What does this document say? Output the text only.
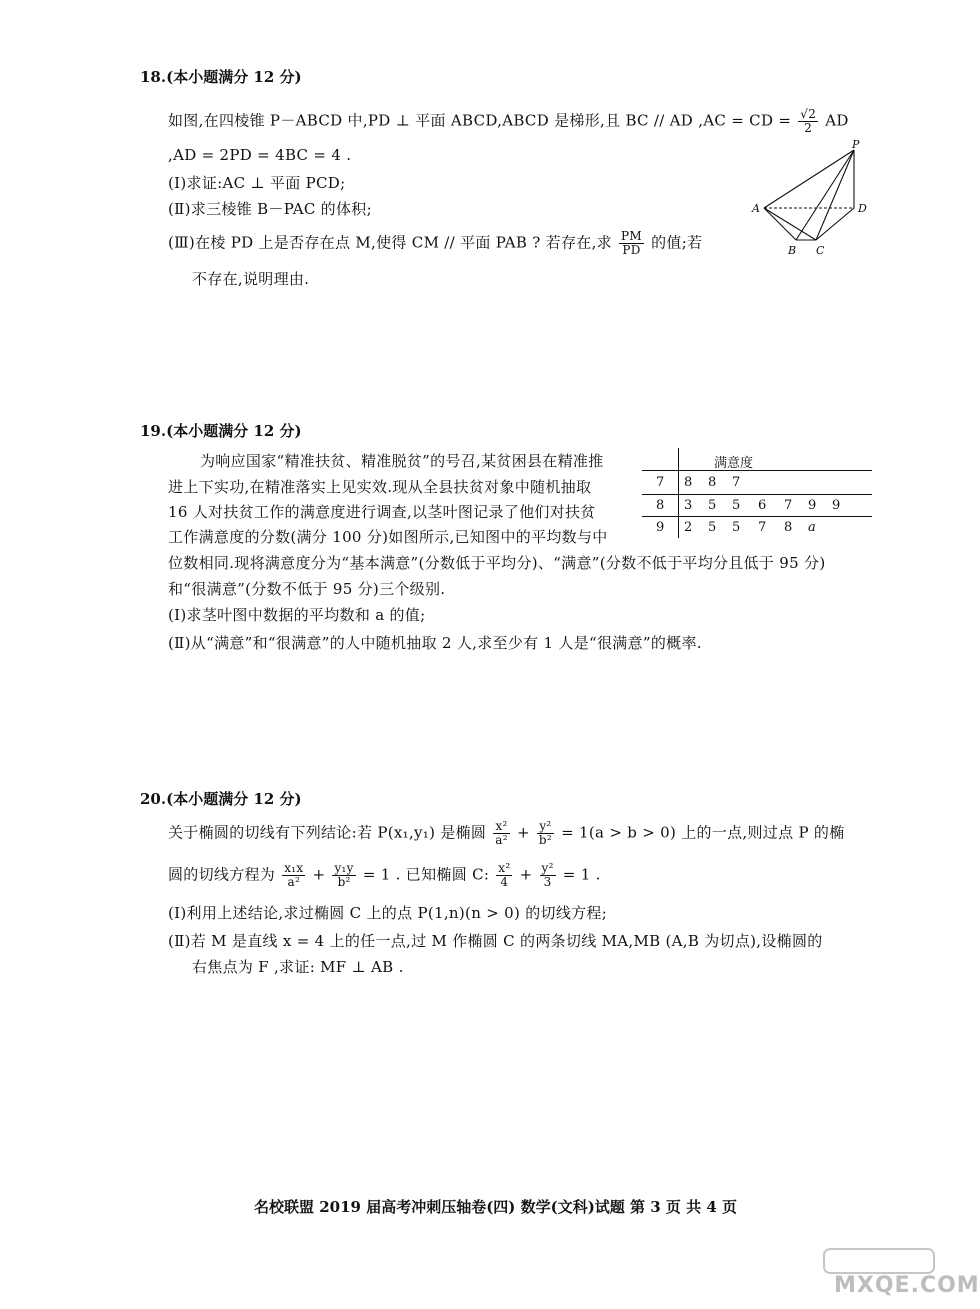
18.(本小题满分 12 分)
如图,在四棱锥 P－ABCD 中,PD ⊥ 平面 ABCD,ABCD 是梯形,且 BC // AD ,AC = CD = $\frac{√2}{2}$ AD
,AD = 2PD = 4BC = 4 .
(Ⅰ)求证:AC ⊥ 平面 PCD;
(Ⅱ)求三棱锥 B－PAC 的体积;
(Ⅲ)在棱 PD 上是否存在点 M,使得 CM // 平面 PAB ? 若存在,求 $\frac{PM}{PD}$ 的值;若
不存在,说明理由.
P
A	D
B C
19.(本小题满分 12 分)
为响应国家“精准扶贫、精准脱贫”的号召,某贫困县在精准推
进上下实功,在精准落实上见实效.现从全县扶贫对象中随机抽取
16 人对扶贫工作的满意度进行调查,以茎叶图记录了他们对扶贫
工作满意度的分数(满分 100 分)如图所示,已知图中的平均数与中
位数相同.现将满意度分为“基本满意”(分数低于平均分)、“满意”(分数不低于平均分且低于 95 分)
和“很满意”(分数不低于 95 分)三个级别.
(Ⅰ)求茎叶图中数据的平均数和 a 的值;
(Ⅱ)从“满意”和“很满意”的人中随机抽取 2 人,求至少有 1 人是“很满意”的概率.
满意度
7 8 8 7
8 3 5 5 6 7 9 9
9 2 5 5 7 8 a
20.(本小题满分 12 分)
关于椭圆的切线有下列结论:若 P(x₁,y₁) 是椭圆 $\frac{\text{x²}}{\text{a²}} + \frac{\text{y²}}{\text{b²}} = 1(a > b > 0)$ 上的一点,则过点 P 的椭
圆的切线方程为 $\frac{\text{x₁x}}{\text{a²}} + \frac{\text{y₁y}}{\text{b²}} = 1$ . 已知椭圆 C: $\frac{\text{x²}}{4} + \frac{\text{y²}}{3} = 1$ .
(Ⅰ)利用上述结论,求过椭圆 C 上的点 P(1,n)(n > 0) 的切线方程;
(Ⅱ)若 M 是直线 x = 4 上的任一点,过 M 作椭圆 C 的两条切线 MA,MB (A,B 为切点),设椭圆的
右焦点为 F ,求证: MF ⊥ AB .
名校联盟 2019 届高考冲刺压轴卷(四) 数学(文科)试题 第 3 页 共 4 页
MXQE.COM
